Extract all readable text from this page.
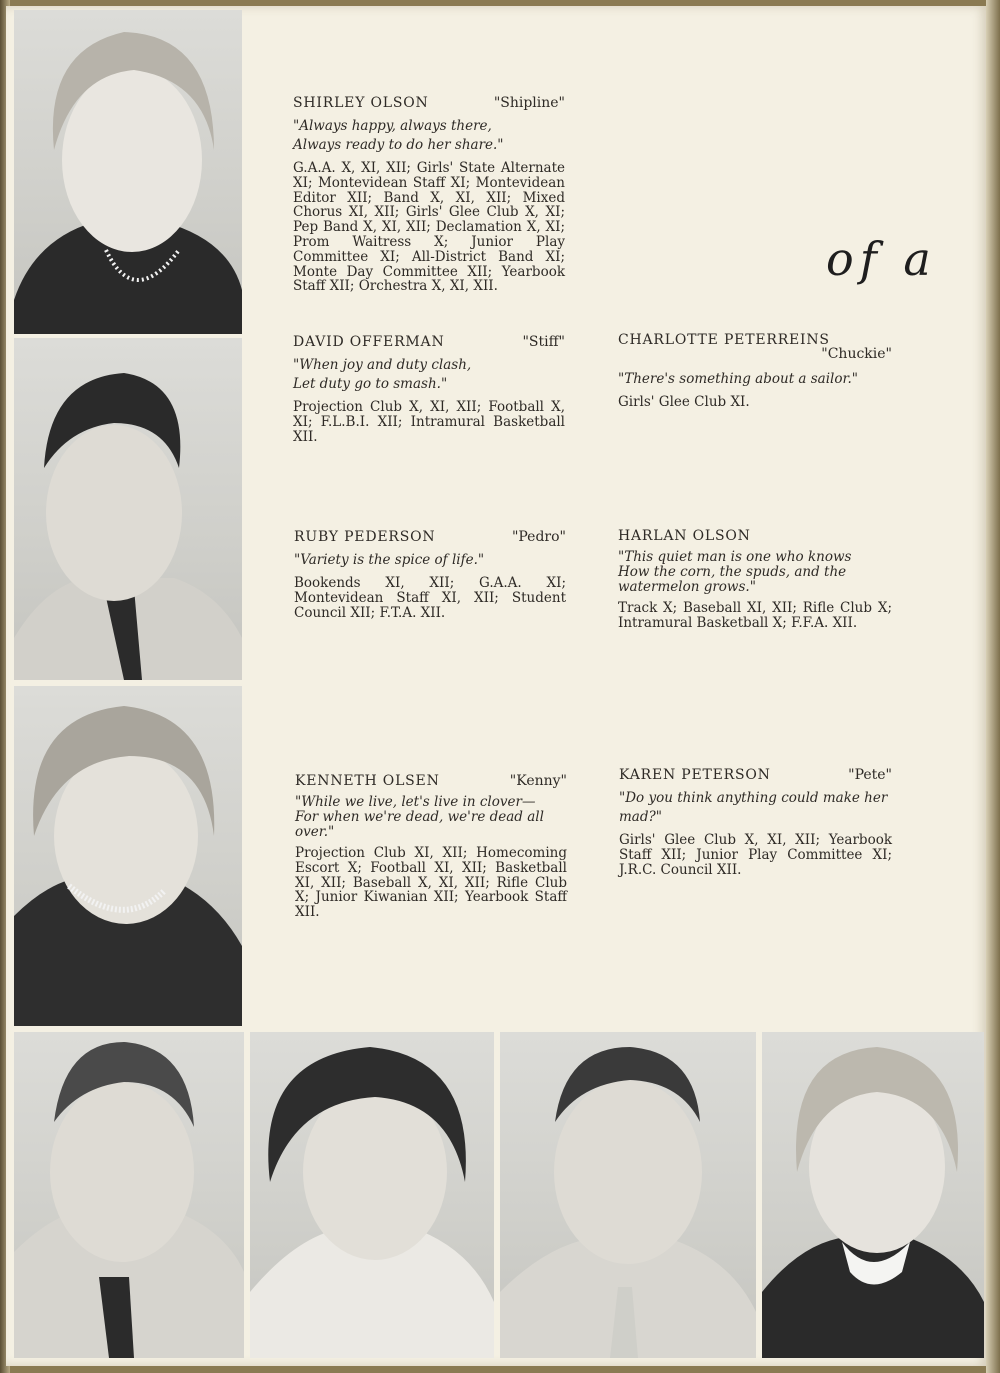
SHIRLEY OLSON	"Shipline"
"Always happy, always there,
Always ready to do her share."
G.A.A. X, XI, XII; Girls' State Alternate XI; Montevidean Staff XI; Montevidean Editor XII; Band X, XI, XII; Mixed Chorus XI, XII; Girls' Glee Club X, XI; Pep Band X, XI, XII; Declamation X, XI; Prom Waitress X; Junior Play Committee XI; All-District Band XI; Monte Day Committee XII; Yearbook Staff XII; Orchestra X, XI, XII.
DAVID OFFERMAN	"Stiff"
"When joy and duty clash,
Let duty go to smash."
Projection Club X, XI, XII; Football X, XI; F.L.B.I. XII; Intramural Basketball XII.
CHARLOTTE PETERREINS
"Chuckie"
"There's something about a sailor."
Girls' Glee Club XI.
RUBY PEDERSON	"Pedro"
"Variety is the spice of life."
Bookends XI, XII; G.A.A. XI; Montevidean Staff XI, XII; Student Council XII; F.T.A. XII.
HARLAN OLSON
"This quiet man is one who knows
How the corn, the spuds, and the watermelon grows."
Track X; Baseball XI, XII; Rifle Club X; Intramural Basketball X; F.F.A. XII.
KENNETH OLSEN	"Kenny"
"While we live, let's live in clover—
For when we're dead, we're dead all over."
Projection Club XI, XII; Homecoming Escort X; Football XI, XII; Basketball XI, XII; Baseball X, XI, XII; Rifle Club X; Junior Kiwanian XII; Yearbook Staff XII.
KAREN PETERSON	"Pete"
"Do you think anything could make her mad?"
Girls' Glee Club X, XI, XII; Yearbook Staff XII; Junior Play Committee XI; J.R.C. Council XII.
of a
